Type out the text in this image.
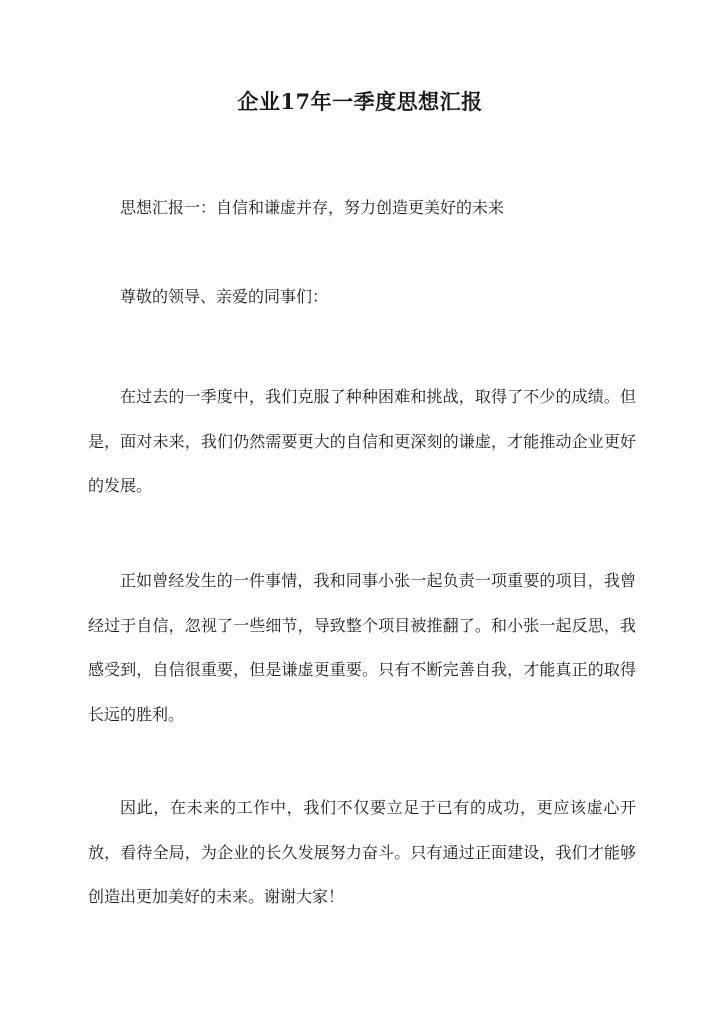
企业17年一季度思想汇报

思想汇报一：自信和谦虚并存，努力创造更美好的未来

尊敬的领导、亲爱的同事们：

在过去的一季度中，我们克服了种种困难和挑战，取得了不少的成绩。但是，面对未来，我们仍然需要更大的自信和更深刻的谦虚，才能推动企业更好的发展。

正如曾经发生的一件事情，我和同事小张一起负责一项重要的项目，我曾经过于自信，忽视了一些细节，导致整个项目被推翻了。和小张一起反思，我感受到，自信很重要，但是谦虚更重要。只有不断完善自我，才能真正的取得长远的胜利。

因此，在未来的工作中，我们不仅要立足于已有的成功，更应该虚心开放，看待全局，为企业的长久发展努力奋斗。只有通过正面建设，我们才能够创造出更加美好的未来。谢谢大家！
